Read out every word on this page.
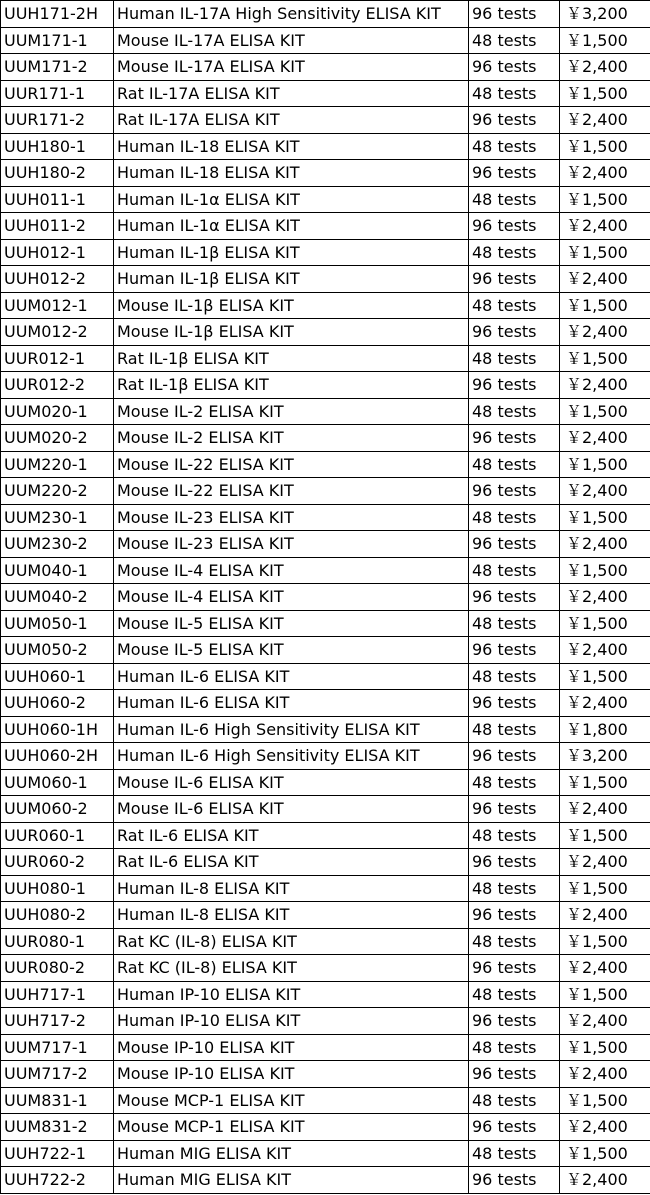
UUH171-2H	Human IL-17A High Sensitivity ELISA KIT	96 tests	￥3,200
UUM171-1	Mouse IL-17A ELISA KIT	48 tests	￥1,500
UUM171-2	Mouse IL-17A ELISA KIT	96 tests	￥2,400
UUR171-1	Rat IL-17A ELISA KIT	48 tests	￥1,500
UUR171-2	Rat IL-17A ELISA KIT	96 tests	￥2,400
UUH180-1	Human IL-18 ELISA KIT	48 tests	￥1,500
UUH180-2	Human IL-18 ELISA KIT	96 tests	￥2,400
UUH011-1	Human IL-1α ELISA KIT	48 tests	￥1,500
UUH011-2	Human IL-1α ELISA KIT	96 tests	￥2,400
UUH012-1	Human IL-1β ELISA KIT	48 tests	￥1,500
UUH012-2	Human IL-1β ELISA KIT	96 tests	￥2,400
UUM012-1	Mouse IL-1β ELISA KIT	48 tests	￥1,500
UUM012-2	Mouse IL-1β ELISA KIT	96 tests	￥2,400
UUR012-1	Rat IL-1β ELISA KIT	48 tests	￥1,500
UUR012-2	Rat IL-1β ELISA KIT	96 tests	￥2,400
UUM020-1	Mouse IL-2 ELISA KIT	48 tests	￥1,500
UUM020-2	Mouse IL-2 ELISA KIT	96 tests	￥2,400
UUM220-1	Mouse IL-22 ELISA KIT	48 tests	￥1,500
UUM220-2	Mouse IL-22 ELISA KIT	96 tests	￥2,400
UUM230-1	Mouse IL-23 ELISA KIT	48 tests	￥1,500
UUM230-2	Mouse IL-23 ELISA KIT	96 tests	￥2,400
UUM040-1	Mouse IL-4 ELISA KIT	48 tests	￥1,500
UUM040-2	Mouse IL-4 ELISA KIT	96 tests	￥2,400
UUM050-1	Mouse IL-5 ELISA KIT	48 tests	￥1,500
UUM050-2	Mouse IL-5 ELISA KIT	96 tests	￥2,400
UUH060-1	Human IL-6 ELISA KIT	48 tests	￥1,500
UUH060-2	Human IL-6 ELISA KIT	96 tests	￥2,400
UUH060-1H	Human IL-6 High Sensitivity ELISA KIT	48 tests	￥1,800
UUH060-2H	Human IL-6 High Sensitivity ELISA KIT	96 tests	￥3,200
UUM060-1	Mouse IL-6 ELISA KIT	48 tests	￥1,500
UUM060-2	Mouse IL-6 ELISA KIT	96 tests	￥2,400
UUR060-1	Rat IL-6 ELISA KIT	48 tests	￥1,500
UUR060-2	Rat IL-6 ELISA KIT	96 tests	￥2,400
UUH080-1	Human IL-8 ELISA KIT	48 tests	￥1,500
UUH080-2	Human IL-8 ELISA KIT	96 tests	￥2,400
UUR080-1	Rat KC (IL-8) ELISA KIT	48 tests	￥1,500
UUR080-2	Rat KC (IL-8) ELISA KIT	96 tests	￥2,400
UUH717-1	Human IP-10 ELISA KIT	48 tests	￥1,500
UUH717-2	Human IP-10 ELISA KIT	96 tests	￥2,400
UUM717-1	Mouse IP-10 ELISA KIT	48 tests	￥1,500
UUM717-2	Mouse IP-10 ELISA KIT	96 tests	￥2,400
UUM831-1	Mouse MCP-1 ELISA KIT	48 tests	￥1,500
UUM831-2	Mouse MCP-1 ELISA KIT	96 tests	￥2,400
UUH722-1	Human MIG ELISA KIT	48 tests	￥1,500
UUH722-2	Human MIG ELISA KIT	96 tests	￥2,400
